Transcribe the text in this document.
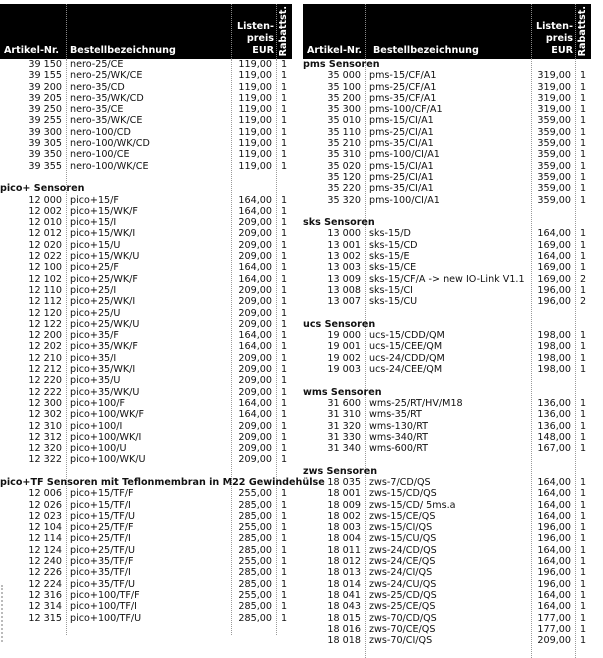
Artikel-Nr. Bestellbezeichnung
Listen-
preis
EUR Rabattst.
39 150 nero-25/CE	119,00 1
39 155 nero-25/WK/CE	119,00 1
39 200 nero-35/CD	119,00 1
39 205 nero-35/WK/CD	119,00 1
39 250 nero-35/CE	119,00 1
39 255 nero-35/WK/CE	119,00 1
39 300 nero-100/CD	119,00 1
39 305 nero-100/WK/CD	119,00 1
39 350 nero-100/CE	119,00 1
39 355 nero-100/WK/CE	119,00 1
pico+ Sensoren
12 000 pico+15/F	164,00 1
12 002 pico+15/WK/F	164,00 1
12 010 pico+15/I	209,00 1
12 012 pico+15/WK/I	209,00 1
12 020 pico+15/U	209,00 1
12 022 pico+15/WK/U	209,00 1
12 100 pico+25/F	164,00 1
12 102 pico+25/WK/F	164,00 1
12 110 pico+25/I	209,00 1
12 112 pico+25/WK/I	209,00 1
12 120 pico+25/U	209,00 1
12 122 pico+25/WK/U	209,00 1
12 200 pico+35/F	164,00 1
12 202 pico+35/WK/F	164,00 1
12 210 pico+35/I	209,00 1
12 212 pico+35/WK/I	209,00 1
12 220 pico+35/U	209,00 1
12 222 pico+35/WK/U	209,00 1
12 300 pico+100/F	164,00 1
12 302 pico+100/WK/F	164,00 1
12 310 pico+100/I	209,00 1
12 312 pico+100/WK/I	209,00 1
12 320 pico+100/U	209,00 1
12 322 pico+100/WK/U	209,00 1
pico+TF Sensoren mit Teflonmembran in M22 Gewindehülse
12 006 pico+15/TF/F	255,00 1
12 026 pico+15/TF/I	285,00 1
12 023 pico+15/TF/U	285,00 1
12 104 pico+25/TF/F	255,00 1
12 114 pico+25/TF/I	285,00 1
12 124 pico+25/TF/U	285,00 1
12 240 pico+35/TF/F	255,00 1
12 226 pico+35/TF/I	285,00 1
12 224 pico+35/TF/U	285,00 1
12 316 pico+100/TF/F	255,00 1
12 314 pico+100/TF/I	285,00 1
12 315 pico+100/TF/U	285,00 1
Artikel-Nr. Bestellbezeichnung
Listen-
preis
EUR Rabattst.
pms Sensoren
35 000 pms-15/CF/A1	319,00 1
35 100 pms-25/CF/A1	319,00 1
35 200 pms-35/CF/A1	319,00 1
35 300 pms-100/CF/A1	319,00 1
35 010 pms-15/CI/A1	359,00 1
35 110 pms-25/CI/A1	359,00 1
35 210 pms-35/CI/A1	359,00 1
35 310 pms-100/CI/A1	359,00 1
35 020 pms-15/CI/A1	359,00 1
35 120 pms-25/CI/A1	359,00 1
35 220 pms-35/CI/A1	359,00 1
35 320 pms-100/CI/A1	359,00 1
sks Sensoren
13 000 sks-15/D	164,00 1
13 001 sks-15/CD	169,00 1
13 002 sks-15/E	164,00 1
13 003 sks-15/CE	169,00 1
13 009 sks-15/CF/A -> new IO-Link V1.1 169,00 2
13 008 sks-15/CI	196,00 1
13 007 sks-15/CU	196,00 2
ucs Sensoren
19 000 ucs-15/CDD/QM	198,00 1
19 001 ucs-15/CEE/QM	198,00 1
19 002 ucs-24/CDD/QM	198,00 1
19 003 ucs-24/CEE/QM	198,00 1
wms Sensoren
31 600 wms-25/RT/HV/M18	136,00 1
31 310 wms-35/RT	136,00 1
31 320 wms-130/RT	136,00 1
31 330 wms-340/RT	148,00 1
31 340 wms-600/RT	167,00 1
zws Sensoren
18 035 zws-7/CD/QS	164,00 1
18 001 zws-15/CD/QS	164,00 1
18 009 zws-15/CD/ 5ms.a	164,00 1
18 002 zws-15/CE/QS	164,00 1
18 003 zws-15/CI/QS	196,00 1
18 004 zws-15/CU/QS	196,00 1
18 011 zws-24/CD/QS	164,00 1
18 012 zws-24/CE/QS	164,00 1
18 013 zws-24/CI/QS	196,00 1
18 014 zws-24/CU/QS	196,00 1
18 041 zws-25/CD/QS	164,00 1
18 043 zws-25/CE/QS	164,00 1
18 015 zws-70/CD/QS	177,00 1
18 016 zws-70/CE/QS	177,00 1
18 018 zws-70/CI/QS	209,00 1
